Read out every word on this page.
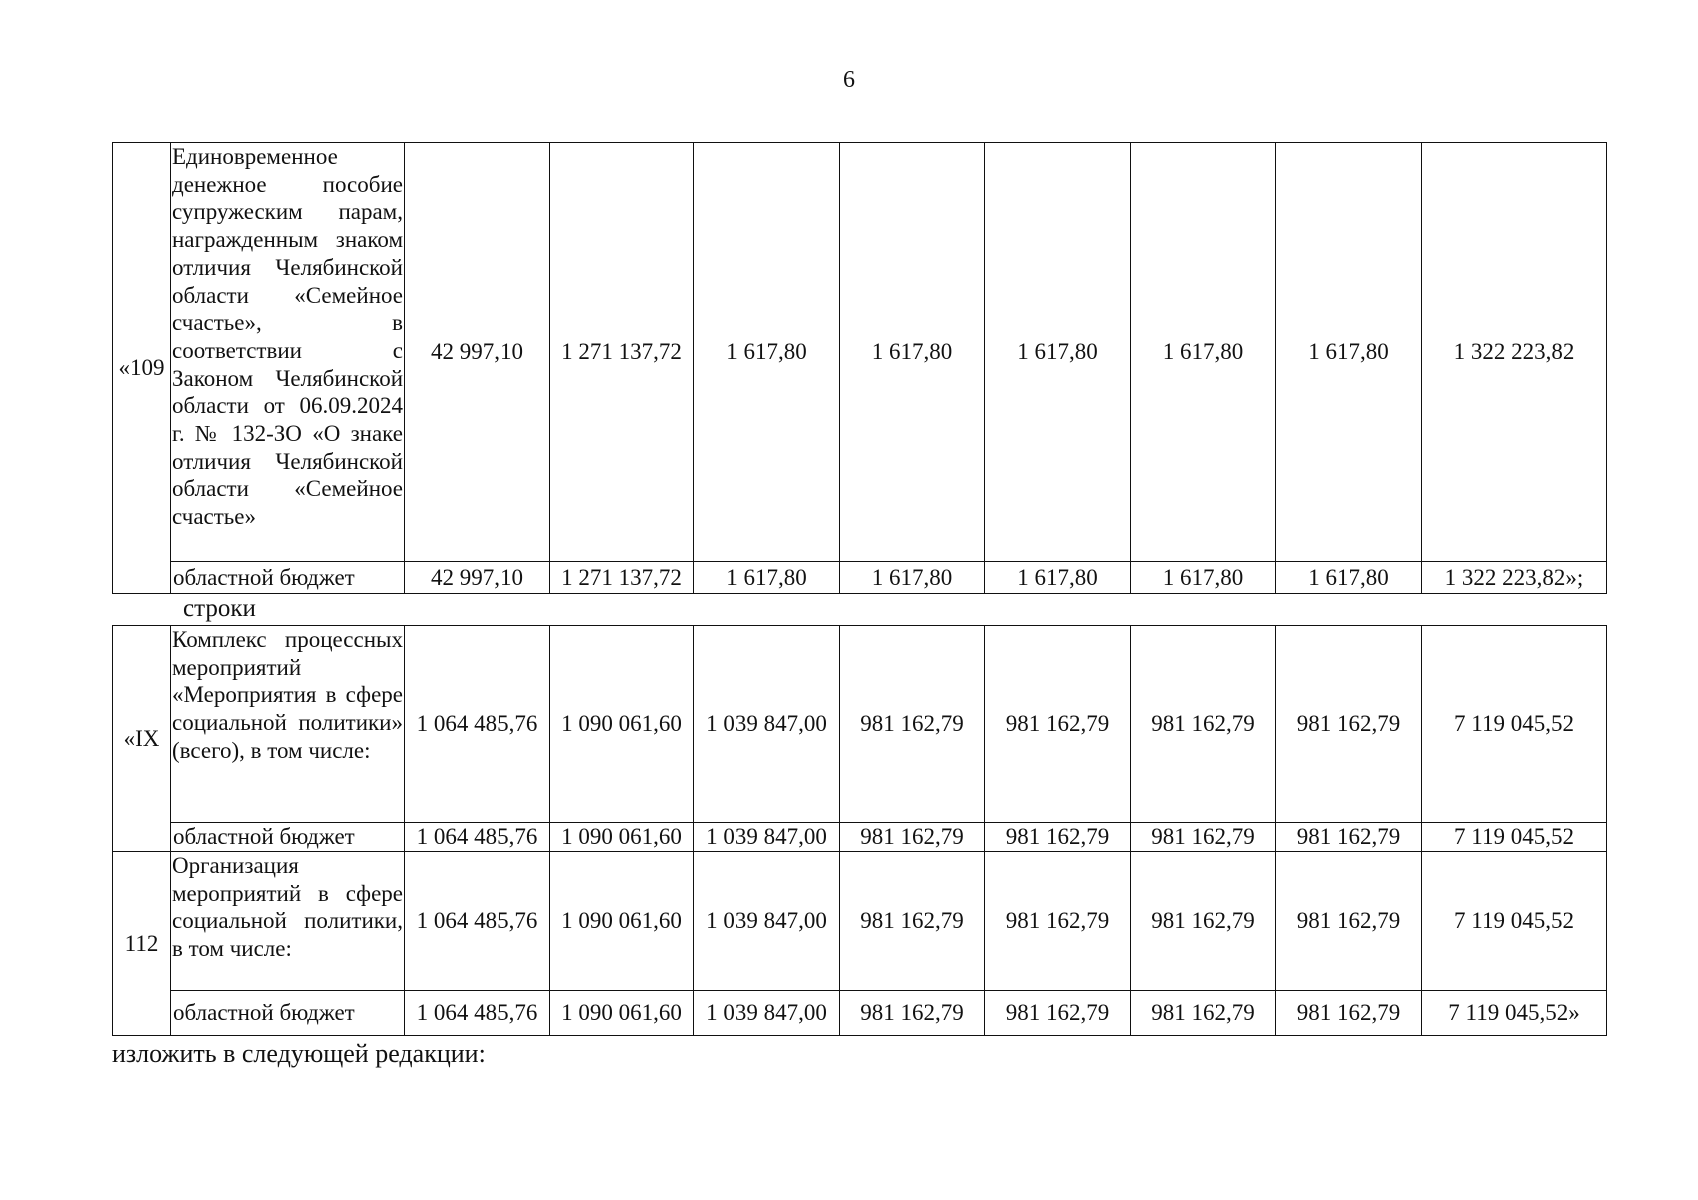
6
«109	Единовременное денежное пособие супружеским парам, награжденным знаком отличия Челябинской области «Семейное счастье», в соответствии с Законом Челябинской области от 06.09.2024 г. № 132-ЗО «О знаке отличия Челябинской области «Семейное счастье»	42 997,10	1 271 137,72	1 617,80	1 617,80	1 617,80	1 617,80	1 617,80	1 322 223,82
	областной бюджет	42 997,10	1 271 137,72	1 617,80	1 617,80	1 617,80	1 617,80	1 617,80	1 322 223,82»;
строки
«IX	Комплекс процессных мероприятий «Мероприятия в сфере социальной политики» (всего), в том числе:	1 064 485,76	1 090 061,60	1 039 847,00	981 162,79	981 162,79	981 162,79	981 162,79	7 119 045,52
	областной бюджет	1 064 485,76	1 090 061,60	1 039 847,00	981 162,79	981 162,79	981 162,79	981 162,79	7 119 045,52
112	Организация мероприятий в сфере социальной политики, в том числе:	1 064 485,76	1 090 061,60	1 039 847,00	981 162,79	981 162,79	981 162,79	981 162,79	7 119 045,52
	областной бюджет	1 064 485,76	1 090 061,60	1 039 847,00	981 162,79	981 162,79	981 162,79	981 162,79	7 119 045,52»
изложить в следующей редакции:
